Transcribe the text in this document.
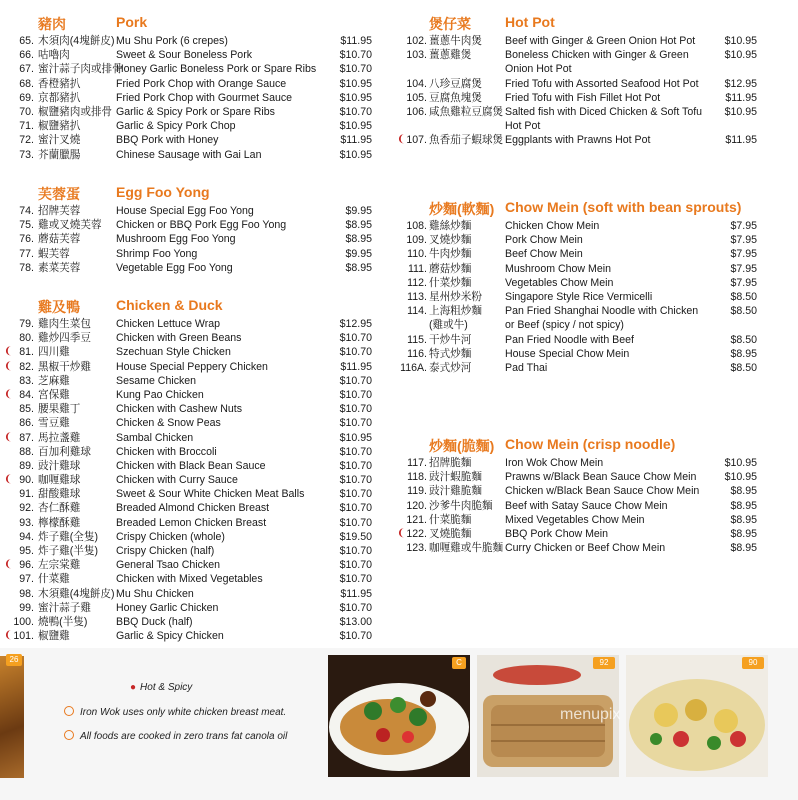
豬肉	Pork
65. 木須肉(4塊餅皮) Mu Shu Pork (6 crepes)	$11.95
66. 咕嚕肉	Sweet & Sour Boneless Pork	$10.70
67. 蜜汁蒜子肉或排骨
Honey Garlic Boneless Pork or Spare Ribs	$10.70
68. 香橙豬扒	Fried Pork Chop with Orange Sauce	$10.95
69. 京都豬扒	Fried Pork Chop with Gourmet Sauce	$10.95
70. 椒鹽豬肉或排骨 Garlic & Spicy Pork or Spare Ribs	$10.70
71. 椒鹽豬扒	Garlic & Spicy Pork Chop	$10.95
72. 蜜汁叉燒	BBQ Pork with Honey	$11.95
73. 芥蘭臘腸	Chinese Sausage with Gai Lan	$10.95
芙蓉蛋	Egg Foo Yong
74. 招牌芙蓉	House Special Egg Foo Yong	$9.95
75. 雞或叉燒芙蓉 Chicken or BBQ Pork Egg Foo Yong	$8.95
76. 蘑菇芙蓉	Mushroom Egg Foo Yong	$8.95
77. 蝦芙蓉	Shrimp Foo Yong	$9.95
78. 素菜芙蓉	Vegetable Egg Foo Yong	$8.95
雞及鴨	Chicken & Duck
79. 雞肉生菜包 Chicken Lettuce Wrap	$12.95
80. 雞炒四季豆 Chicken with Green Beans	$10.70
❨ 81. 四川雞	Szechuan Style Chicken	$10.70
❨ 82. 黑椒干炒雞 House Special Peppery Chicken	$11.95
83. 芝麻雞	Sesame Chicken	$10.70
❨ 84. 宮保雞	Kung Pao Chicken	$10.70
85. 腰果雞丁	Chicken with Cashew Nuts	$10.70
86. 雪豆雞	Chicken & Snow Peas	$10.70
❨ 87. 馬拉盞雞	Sambal Chicken	$10.95
88. 百加利雞球 Chicken with Broccoli	$10.70
89. 豉汁雞球	Chicken with Black Bean Sauce	$10.70
❨ 90. 咖喱雞球	Chicken with Curry Sauce	$10.70
91. 甜酸雞球	Sweet & Sour White Chicken Meat Balls	$10.70
92. 杏仁酥雞	Breaded Almond Chicken Breast	$10.70
93. 檸檬酥雞	Breaded Lemon Chicken Breast	$10.70
94. 炸子雞(全隻) Crispy Chicken (whole)	$19.50
95. 炸子雞(半隻) Crispy Chicken (half)	$10.70
❨ 96. 左宗棠雞	General Tsao Chicken	$10.70
97. 什菜雞	Chicken with Mixed Vegetables	$10.70
98. 木須雞(4塊餅皮) Mu Shu Chicken	$11.95
99. 蜜汁蒜子雞 Honey Garlic Chicken	$10.70
100. 燒鴨(半隻)	BBQ Duck (half)	$13.00
❨ 101. 椒鹽雞	Garlic & Spicy Chicken	$10.70
煲仔菜 Hot Pot
102. 薑蔥牛肉煲 Beef with Ginger & Green Onion Hot Pot	$10.95
103. 薑蔥雞煲	Boneless Chicken with Ginger & Green	$10.95
Onion Hot Pot
104. 八珍豆腐煲 Fried Tofu with Assorted Seafood Hot Pot	$12.95
105. 豆腐魚塊煲 Fried Tofu with Fish Fillet Hot Pot	$11.95
106. 咸魚雞粒豆腐煲 Salted fish with Diced Chicken & Soft Tofu	$10.95
Hot Pot
❨ 107. 魚香茄子蝦球煲 Eggplants with Prawns Hot Pot	$11.95
炒麵(軟麵) Chow Mein (soft with bean sprouts)
108. 雞絲炒麵	Chicken Chow Mein	$7.95
109. 叉燒炒麵	Pork Chow Mein	$7.95
110. 牛肉炒麵	Beef Chow Mein	$7.95
111. 蘑菇炒麵	Mushroom Chow Mein	$7.95
112. 什菜炒麵	Vegetables Chow Mein	$7.95
113. 星州炒米粉 Singapore Style Rice Vermicelli	$8.50
114. 上海粗炒麵 Pan Fried Shanghai Noodle with Chicken	$8.50
(雞或牛)	or Beef (spicy / not spicy)
115. 干炒牛河	Pan Fried Noodle with Beef	$8.50
116. 特式炒麵	House Special Chow Mein	$8.95
116A. 泰式炒河	Pad Thai	$8.50
炒麵(脆麵) Chow Mein (crisp noodle)
117. 招牌脆麵	Iron Wok Chow Mein	$10.95
118. 豉汁蝦脆麵 Prawns w/Black Bean Sauce Chow Mein	$10.95
119. 豉汁雞脆麵 Chicken w/Black Bean Sauce Chow Mein	$8.95
120. 沙爹牛肉脆麵 Beef with Satay Sauce Chow Mein	$8.95
121. 什菜脆麵	Mixed Vegetables Chow Mein	$8.95
❨ 122. 叉燒脆麵	BBQ Pork Chow Mein	$8.95
123. 咖喱雞或牛脆麵 Curry Chicken or Beef Chow Mein	$8.95
26
● Hot & Spicy
Iron Wok uses only white chicken breast meat.
All foods are cooked in zero trans fat canola oil
C	92	90
menupix
